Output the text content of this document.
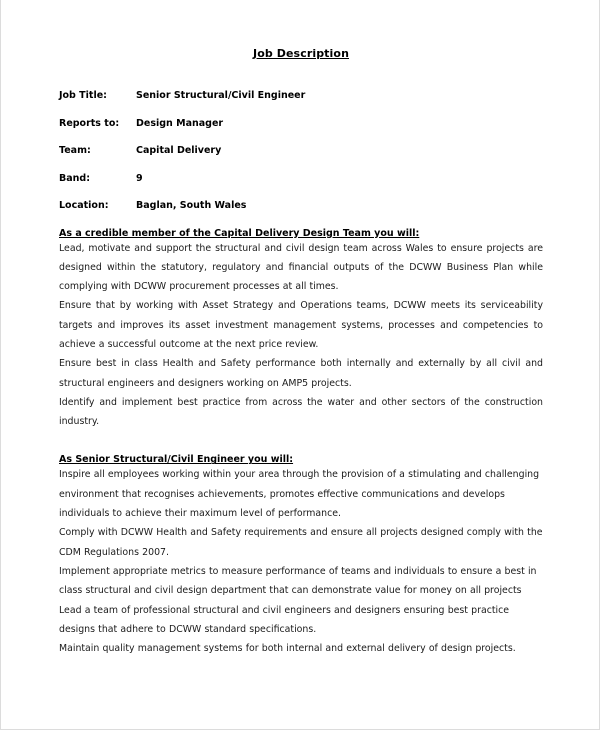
Job Description
Job Title:	Senior Structural/Civil Engineer
Reports to:	Design Manager
Team:	Capital Delivery
Band:	9
Location:	Baglan, South Wales
As a credible member of the Capital Delivery Design Team you will:

Lead, motivate and support the structural and civil design team across Wales to ensure projects are designed within the statutory, regulatory and financial outputs of the DCWW Business Plan while complying with DCWW procurement processes at all times.

Ensure that by working with Asset Strategy and Operations teams, DCWW meets its serviceability targets and improves its asset investment management systems, processes and competencies to achieve a successful outcome at the next price review.

Ensure best in class Health and Safety performance both internally and externally by all civil and structural engineers and designers working on AMP5 projects.

Identify and implement best practice from across the water and other sectors of the construction industry.

As Senior Structural/Civil Engineer you will:

Inspire all employees working within your area through the provision of a stimulating and challenging environment that recognises achievements, promotes effective communications and develops individuals to achieve their maximum level of performance.

Comply with DCWW Health and Safety requirements and ensure all projects designed comply with the CDM Regulations 2007.

Implement appropriate metrics to measure performance of teams and individuals to ensure a best in class structural and civil design department that can demonstrate value for money on all projects

Lead a team of professional structural and civil engineers and designers ensuring best practice designs that adhere to DCWW standard specifications.

Maintain quality management systems for both internal and external delivery of design projects.
